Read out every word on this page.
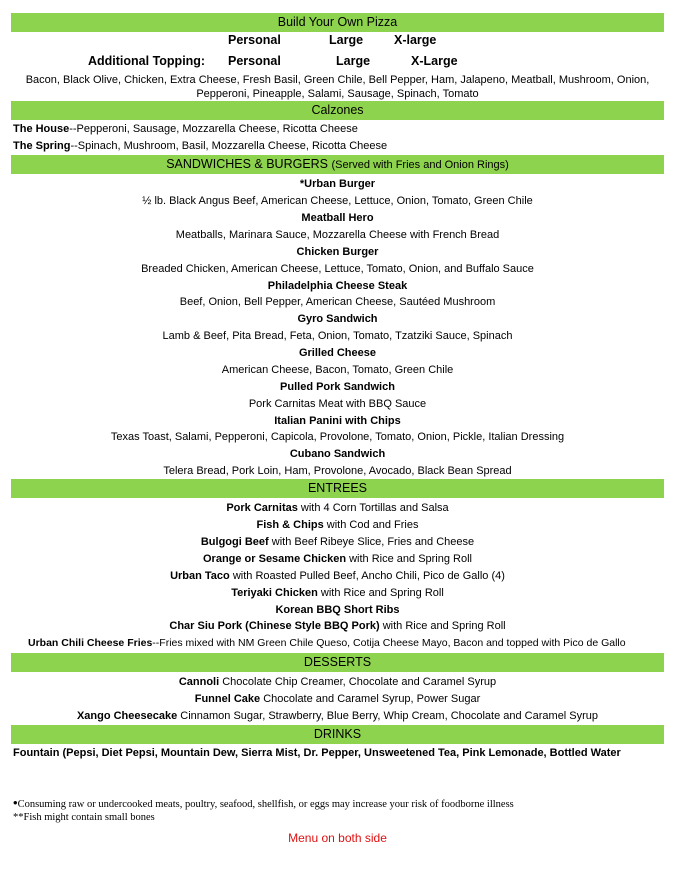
Build Your Own Pizza
Personal	Large X-large
Additional Topping: Personal	Large	X-Large
Bacon, Black Olive, Chicken, Extra Cheese, Fresh Basil, Green Chile, Bell Pepper, Ham, Jalapeno, Meatball, Mushroom, Onion,
Pepperoni, Pineapple, Salami, Sausage, Spinach, Tomato
Calzones
The House--Pepperoni, Sausage, Mozzarella Cheese, Ricotta Cheese
The Spring--Spinach, Mushroom, Basil, Mozzarella Cheese, Ricotta Cheese
SANDWICHES & BURGERS (Served with Fries and Onion Rings)
*Urban Burger
½ lb. Black Angus Beef, American Cheese, Lettuce, Onion, Tomato, Green Chile
Meatball Hero
Meatballs, Marinara Sauce, Mozzarella Cheese with French Bread
Chicken Burger
Breaded Chicken, American Cheese, Lettuce, Tomato, Onion, and Buffalo Sauce
Philadelphia Cheese Steak
Beef, Onion, Bell Pepper, American Cheese, Sautéed Mushroom
Gyro Sandwich
Lamb & Beef, Pita Bread, Feta, Onion, Tomato, Tzatziki Sauce, Spinach
Grilled Cheese
American Cheese, Bacon, Tomato, Green Chile
Pulled Pork Sandwich
Pork Carnitas Meat with BBQ Sauce
Italian Panini with Chips
Texas Toast, Salami, Pepperoni, Capicola, Provolone, Tomato, Onion, Pickle, Italian Dressing
Cubano Sandwich
Telera Bread, Pork Loin, Ham, Provolone, Avocado, Black Bean Spread
ENTREES
Pork Carnitas with 4 Corn Tortillas and Salsa
Fish & Chips with Cod and Fries
Bulgogi Beef with Beef Ribeye Slice, Fries and Cheese
Orange or Sesame Chicken with Rice and Spring Roll
Urban Taco with Roasted Pulled Beef, Ancho Chili, Pico de Gallo (4)
Teriyaki Chicken with Rice and Spring Roll
Korean BBQ Short Ribs
Char Siu Pork (Chinese Style BBQ Pork) with Rice and Spring Roll
Urban Chili Cheese Fries--Fries mixed with NM Green Chile Queso, Cotija Cheese Mayo, Bacon and topped with Pico de Gallo
DESSERTS
Cannoli Chocolate Chip Creamer, Chocolate and Caramel Syrup
Funnel Cake Chocolate and Caramel Syrup, Power Sugar
Xango Cheesecake Cinnamon Sugar, Strawberry, Blue Berry, Whip Cream, Chocolate and Caramel Syrup
DRINKS
Fountain (Pepsi, Diet Pepsi, Mountain Dew, Sierra Mist, Dr. Pepper, Unsweetened Tea, Pink Lemonade, Bottled Water
•Consuming raw or undercooked meats, poultry, seafood, shellfish, or eggs may increase your risk of foodborne illness
**Fish might contain small bones
Menu on both side
